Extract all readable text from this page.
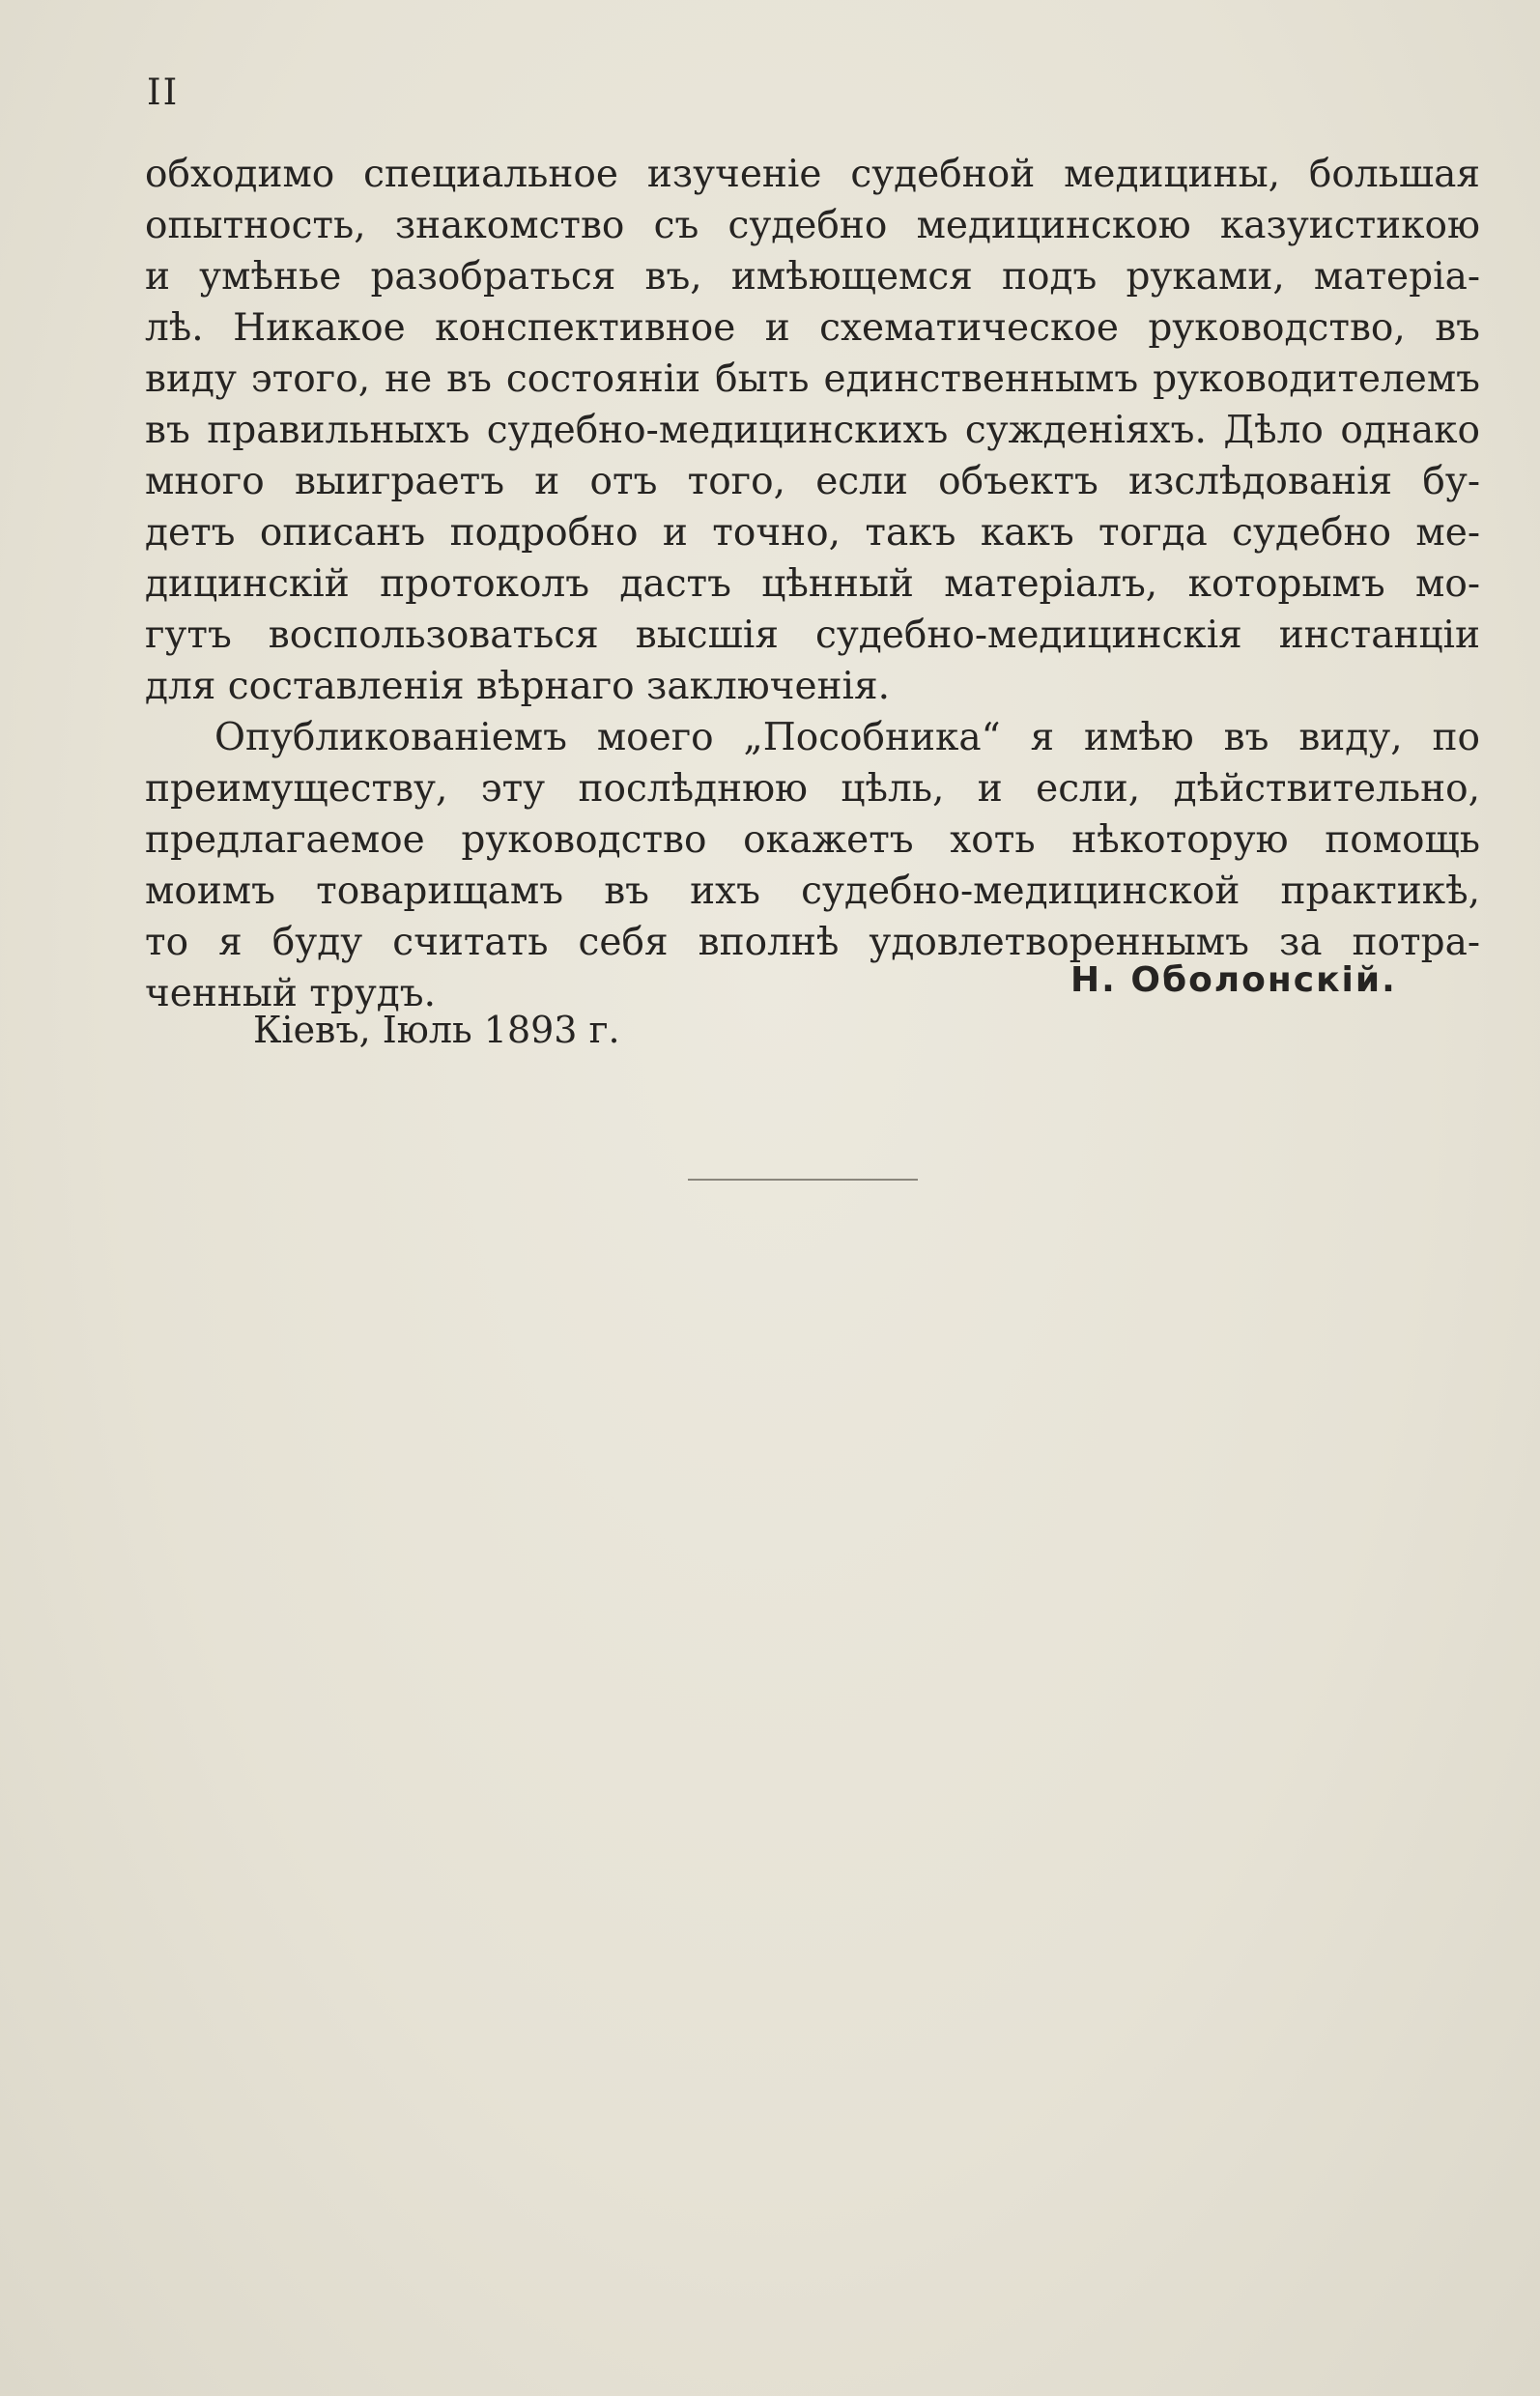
II
обходимо специальное изученiе судебной медицины, большая
опытность, знакомство съ судебно медицинскою казуистикою
и умѣнье разобраться въ, имѣющемся подъ руками, матерiа-
лѣ. Никакое конспективное и схематическое руководство, въ
виду этого, не въ состоянiи быть единственнымъ руководителемъ
въ правильныхъ судебно-медицинскихъ сужденiяхъ. Дѣло однако
много выиграетъ и отъ того, если объектъ изслѣдованiя бу-
детъ описанъ подробно и точно, такъ какъ тогда судебно ме-
дицинскiй протоколъ дастъ цѣнный матерiалъ, которымъ мо-
гутъ воспользоваться высшiя судебно-медицинскiя инстанцiи
для составленiя вѣрнаго заключенiя.
Опубликованiемъ моего „Пособника“ я имѣю въ виду, по
преимуществу, эту послѣднюю цѣль, и если, дѣйствительно,
предлагаемое руководство окажетъ хоть нѣкоторую помощь
моимъ товарищамъ въ ихъ судебно-медицинской практикѣ,
то я буду считать себя вполнѣ удовлетвореннымъ за потра-
ченный трудъ.	Н. Оболонскiй.
Кiевъ, Iюль 1893 г.
